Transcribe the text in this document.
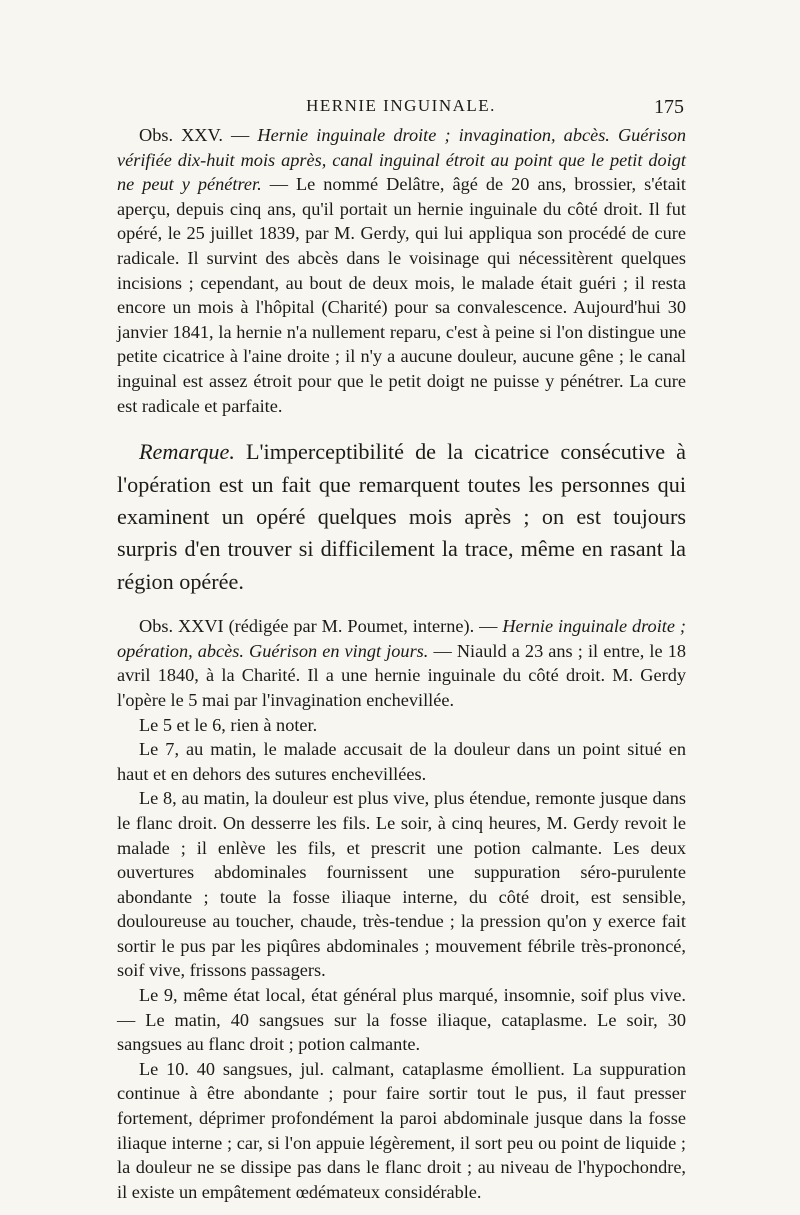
HERNIE INGUINALE.	175

Obs. XXV. — Hernie inguinale droite ; invagination, abcès. Guérison vérifiée dix-huit mois après, canal inguinal étroit au point que le petit doigt ne peut y pénétrer. — Le nommé Delâtre, âgé de 20 ans, brossier, s'était aperçu, depuis cinq ans, qu'il portait un hernie inguinale du côté droit. Il fut opéré, le 25 juillet 1839, par M. Gerdy, qui lui appliqua son procédé de cure radicale. Il survint des abcès dans le voisinage qui nécessitèrent quelques incisions ; cependant, au bout de deux mois, le malade était guéri ; il resta encore un mois à l'hôpital (Charité) pour sa convalescence. Aujourd'hui 30 janvier 1841, la hernie n'a nullement reparu, c'est à peine si l'on distingue une petite cicatrice à l'aine droite ; il n'y a aucune douleur, aucune gêne ; le canal inguinal est assez étroit pour que le petit doigt ne puisse y pénétrer. La cure est radicale et parfaite.

Remarque. L'imperceptibilité de la cicatrice consécutive à l'opération est un fait que remarquent toutes les personnes qui examinent un opéré quelques mois après ; on est toujours surpris d'en trouver si difficilement la trace, même en rasant la région opérée.

Obs. XXVI (rédigée par M. Poumet, interne). — Hernie inguinale droite ; opération, abcès. Guérison en vingt jours. — Niauld a 23 ans ; il entre, le 18 avril 1840, à la Charité. Il a une hernie inguinale du côté droit. M. Gerdy l'opère le 5 mai par l'invagination enchevillée.

Le 5 et le 6, rien à noter.

Le 7, au matin, le malade accusait de la douleur dans un point situé en haut et en dehors des sutures enchevillées.

Le 8, au matin, la douleur est plus vive, plus étendue, remonte jusque dans le flanc droit. On desserre les fils. Le soir, à cinq heures, M. Gerdy revoit le malade ; il enlève les fils, et prescrit une potion calmante. Les deux ouvertures abdominales fournissent une suppuration séro-purulente abondante ; toute la fosse iliaque interne, du côté droit, est sensible, douloureuse au toucher, chaude, très-tendue ; la pression qu'on y exerce fait sortir le pus par les piqûres abdominales ; mouvement fébrile très-prononcé, soif vive, frissons passagers.

Le 9, même état local, état général plus marqué, insomnie, soif plus vive. — Le matin, 40 sangsues sur la fosse iliaque, cataplasme. Le soir, 30 sangsues au flanc droit ; potion calmante.

Le 10. 40 sangsues, jul. calmant, cataplasme émollient. La suppuration continue à être abondante ; pour faire sortir tout le pus, il faut presser fortement, déprimer profondément la paroi abdominale jusque dans la fosse iliaque interne ; car, si l'on appuie légèrement, il sort peu ou point de liquide ; la douleur ne se dissipe pas dans le flanc droit ; au niveau de l'hypochondre, il existe un empâtement œdémateux considérable.
